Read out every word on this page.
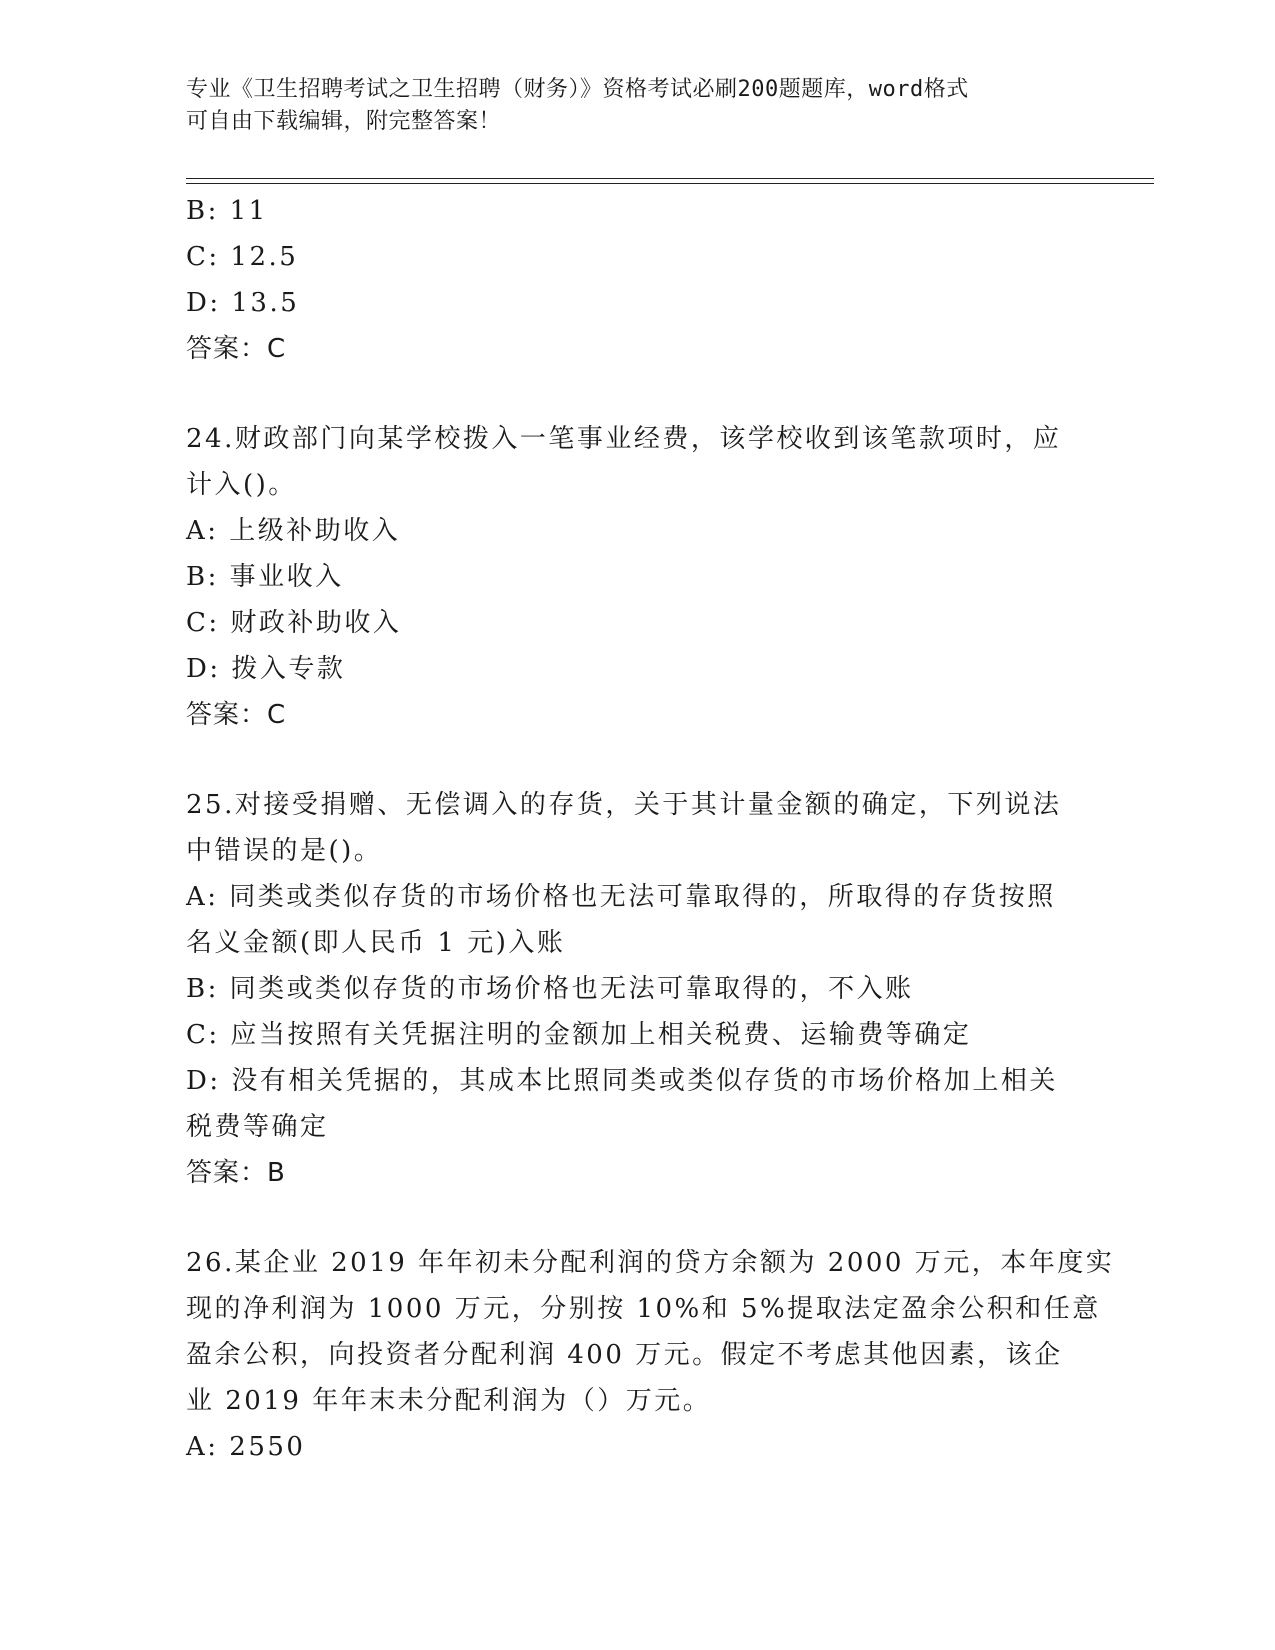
专业《卫生招聘考试之卫生招聘（财务）》资格考试必刷200题题库，word格式
可自由下载编辑，附完整答案！
B: 11
C: 12.5
D: 13.5
答案：C
24.财政部门向某学校拨入一笔事业经费，该学校收到该笔款项时，应
计入()。
A: 上级补助收入
B: 事业收入
C: 财政补助收入
D: 拨入专款
答案：C
25.对接受捐赠、无偿调入的存货，关于其计量金额的确定，下列说法
中错误的是()。
A: 同类或类似存货的市场价格也无法可靠取得的，所取得的存货按照
名义金额(即人民币 1 元)入账
B: 同类或类似存货的市场价格也无法可靠取得的，不入账
C: 应当按照有关凭据注明的金额加上相关税费、运输费等确定
D: 没有相关凭据的，其成本比照同类或类似存货的市场价格加上相关
税费等确定
答案：B
26.某企业 2019 年年初未分配利润的贷方余额为 2000 万元，本年度实
现的净利润为 1000 万元，分别按 10%和 5%提取法定盈余公积和任意
盈余公积，向投资者分配利润 400 万元。假定不考虑其他因素，该企
业 2019 年年末未分配利润为（）万元。
A: 2550
